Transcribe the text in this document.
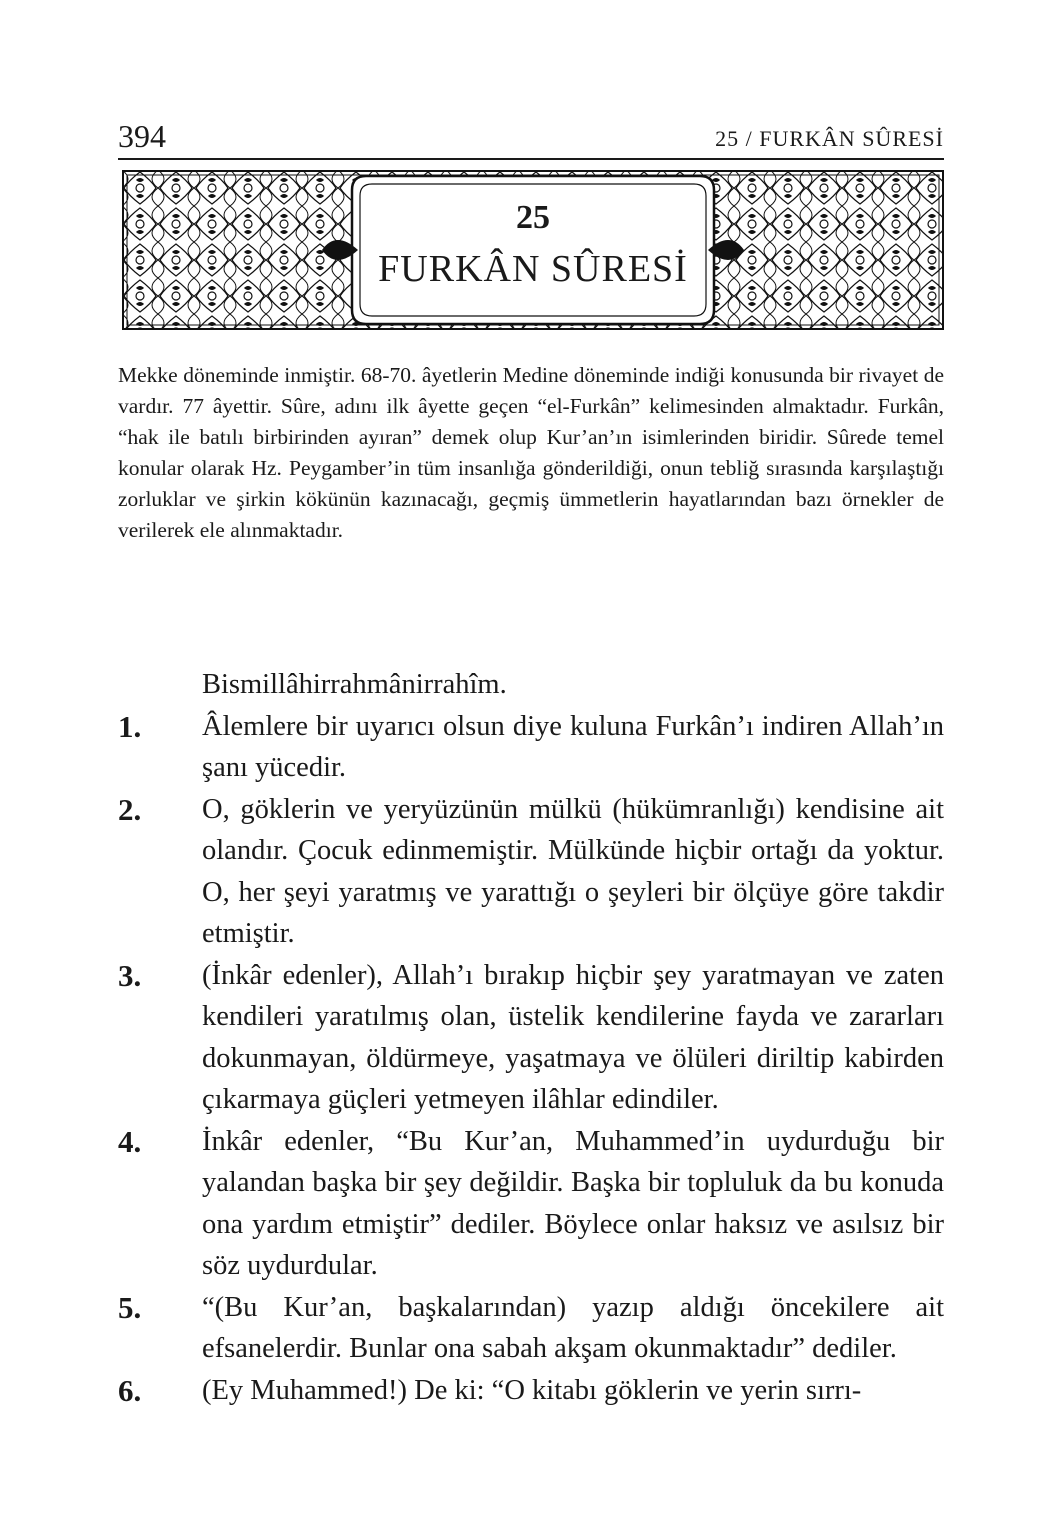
394	25 / FURKÂN SÛRESİ
25
FURKÂN SÛRESİ

Mekke döneminde inmiştir. 68-70. âyetlerin Medine döneminde indiği konusunda bir rivayet de vardır. 77 âyettir. Sûre, adını ilk âyette geçen “el-Furkân” kelimesinden almaktadır. Furkân, “hak ile batılı birbirinden ayıran” demek olup Kur’an’ın isimlerinden biridir. Sûrede temel konular olarak Hz. Peygamber’in tüm insanlığa gönderildiği, onun tebliğ sırasında karşılaştığı zorluklar ve şirkin kökünün kazınacağı, geçmiş ümmetlerin hayatlarından bazı örnekler de verilerek ele alınmaktadır.

Bismillâhirrahmânirrahîm.
1. Âlemlere bir uyarıcı olsun diye kuluna Furkân’ı indiren Allah’ın şanı yücedir.
2. O, göklerin ve yeryüzünün mülkü (hükümranlığı) kendisine ait olandır. Çocuk edinmemiştir. Mülkünde hiçbir ortağı da yoktur. O, her şeyi yaratmış ve yarattığı o şeyleri bir ölçüye göre takdir etmiştir.
3. (İnkâr edenler), Allah’ı bırakıp hiçbir şey yaratmayan ve zaten kendileri yaratılmış olan, üstelik kendilerine fayda ve zararları dokunmayan, öldürmeye, yaşatmaya ve ölüleri diriltip kabirden çıkarmaya güçleri yetmeyen ilâhlar edindiler.
4. İnkâr edenler, “Bu Kur’an, Muhammed’in uydurduğu bir yalandan başka bir şey değildir. Başka bir topluluk da bu konuda ona yardım etmiştir” dediler. Böylece onlar haksız ve asılsız bir söz uydurdular.
5. “(Bu Kur’an, başkalarından) yazıp aldığı öncekilere ait efsanelerdir. Bunlar ona sabah akşam okunmaktadır” dediler.
6. (Ey Muhammed!) De ki: “O kitabı göklerin ve yerin sırrı-
